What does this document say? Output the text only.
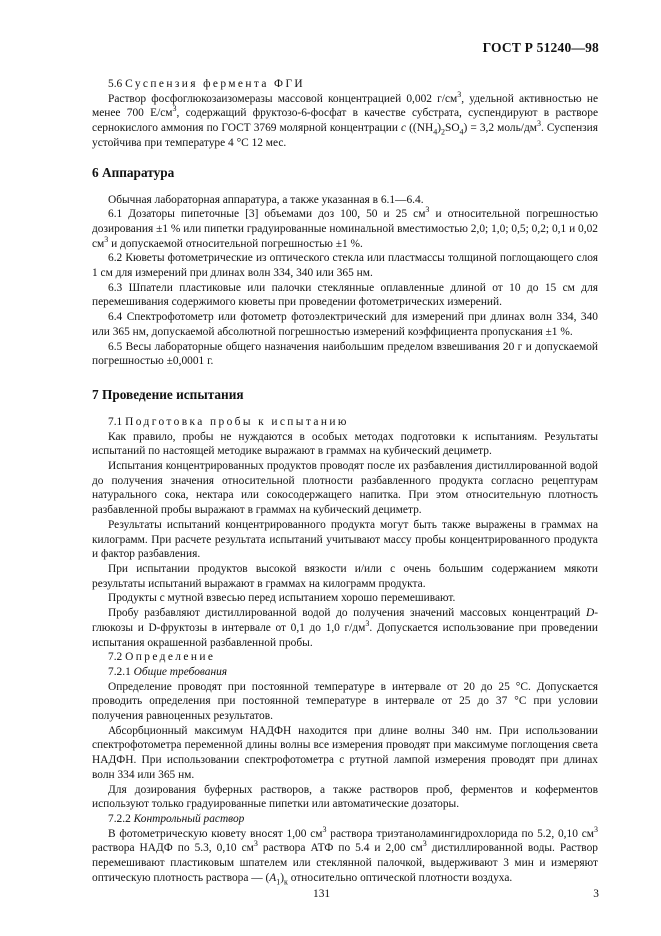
ГОСТ Р 51240—98

5.6 Суспензия фермента ФГИ

Раствор фосфоглюкозаизомеразы массовой концентрацией 0,002 $г/см^3$, удельной активностью не менее 700 $Е/см^3$, содержащий фруктозо-6-фосфат в качестве субстрата, суспендируют в растворе сернокислого аммония по ГОСТ 3769 молярной концентрации c $((NH_4)_2SO_4) = 3,2$ моль/$дм^3$. Суспензия устойчива при температуре 4 °С 12 мес.

6 Аппаратура

Обычная лабораторная аппаратура, а также указанная в 6.1—6.4.

6.1 Дозаторы пипеточные [3] объемами доз 100, 50 и 25 $см^3$ и относительной погрешностью дозирования ±1 % или пипетки градуированные номинальной вместимостью 2,0; 1,0; 0,5; 0,2; 0,1 и 0,02 $см^3$ и допускаемой относительной погрешностью ±1 %.

6.2 Кюветы фотометрические из оптического стекла или пластмассы толщиной поглощающего слоя 1 см для измерений при длинах волн 334, 340 или 365 нм.

6.3 Шпатели пластиковые или палочки стеклянные оплавленные длиной от 10 до 15 см для перемешивания содержимого кюветы при проведении фотометрических измерений.

6.4 Спектрофотометр или фотометр фотоэлектрический для измерений при длинах волн 334, 340 или 365 нм, допускаемой абсолютной погрешностью измерений коэффициента пропускания ±1 %.

6.5 Весы лабораторные общего назначения наибольшим пределом взвешивания 20 г и допускаемой погрешностью ±0,0001 г.

7 Проведение испытания

7.1 Подготовка пробы к испытанию

Как правило, пробы не нуждаются в особых методах подготовки к испытаниям. Результаты испытаний по настоящей методике выражают в граммах на кубический дециметр.

Испытания концентрированных продуктов проводят после их разбавления дистиллированной водой до получения значения относительной плотности разбавленного продукта согласно рецептурам натурального сока, нектара или сокосодержащего напитка. При этом относительную плотность разбавленной пробы выражают в граммах на кубический дециметр.

Результаты испытаний концентрированного продукта могут быть также выражены в граммах на килограмм. При расчете результата испытаний учитывают массу пробы концентрированного продукта и фактор разбавления.

При испытании продуктов высокой вязкости и/или с очень большим содержанием мякоти результаты испытаний выражают в граммах на килограмм продукта.

Продукты с мутной взвесью перед испытанием хорошо перемешивают.

Пробу разбавляют дистиллированной водой до получения значений массовых концентраций D-глюкозы и D-фруктозы в интервале от 0,1 до 1,0 $г/дм^3$. Допускается использование при проведении испытания окрашенной разбавленной пробы.

7.2 Определение

7.2.1 Общие требования

Определение проводят при постоянной температуре в интервале от 20 до 25 °С. Допускается проводить определения при постоянной температуре в интервале от 25 до 37 °С при условии получения равноценных результатов.

Абсорбционный максимум НАДФН находится при длине волны 340 нм. При использовании спектрофотометра переменной длины волны все измерения проводят при максимуме поглощения света НАДФН. При использовании спектрофотометра с ртутной лампой измерения проводят при длинах волн 334 или 365 нм.

Для дозирования буферных растворов, а также растворов проб, ферментов и коферментов используют только градуированные пипетки или автоматические дозаторы.

7.2.2 Контрольный раствор

В фотометрическую кювету вносят 1,00 $см^3$ раствора триэтаноламингидрохлорида по 5.2, 0,10 $см^3$ раствора НАДФ по 5.3, 0,10 $см^3$ раствора АТФ по 5.4 и 2,00 $см^3$ дистиллированной воды. Раствор перемешивают пластиковым шпателем или стеклянной палочкой, выдерживают 3 мин и измеряют оптическую плотность раствора — $(A_1)_к$ относительно оптической плотности воздуха.

131	3
